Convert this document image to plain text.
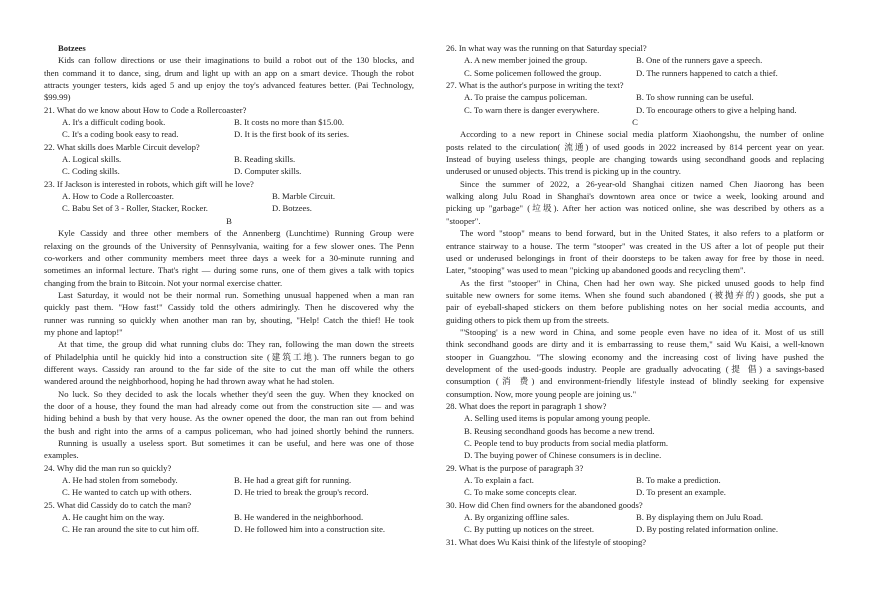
Botzees
Kids can follow directions or use their imaginations to build a robot out of the 130 blocks, and
then command it to dance, sing, drum and light up with an app on a smart device. Though the robot
attracts younger testers, kids aged 5 and up enjoy the toy's advanced features better. (Pai Technology,
$99.99)
21. What do we know about How to Code a Rollercoaster?
A. It's a difficult coding book.	B. It costs no more than $15.00.
C. It's a coding book easy to read.	D. It is the first book of its series.
22. What skills does Marble Circuit develop?
A. Logical skills.	B. Reading skills.
C. Coding skills.	D. Computer skills.
23. If Jackson is interested in robots, which gift will he love?
A. How to Code a Rollercoaster.	B. Marble Circuit.
C. Babu Set of 3 - Roller, Stacker, Rocker.	D. Botzees.
B
Kyle Cassidy and three other members of the Annenberg (Lunchtime) Running Group were
relaxing on the grounds of the University of Pennsylvania, waiting for a few slower ones. The Penn
co-workers and other community members meet three days a week for a 30-minute running and
sometimes an informal lecture. That's right — during some runs, one of them gives a talk with topics
changing from the brain to Bitcoin. Not your normal exercise chatter.
Last Saturday, it would not be their normal run. Something unusual happened when a man ran
quickly past them. "How fast!" Cassidy told the others admiringly. Then he discovered why the
runner was running so quickly when another man ran by, shouting, "Help! Catch the thief! He took
my phone and laptop!"
At that time, the group did what running clubs do: They ran, following the man down the streets
of Philadelphia until he quickly hid into a construction site (建筑工地). The runners began to go
different ways. Cassidy ran around to the far side of the site to cut the man off while the others
wandered around the neighborhood, hoping he had thrown away what he had stolen.
No luck. So they decided to ask the locals whether they'd seen the guy. When they knocked on
the door of a house, they found the man had already come out from the construction site — and was
hiding behind a bush by that very house. As the owner opened the door, the man ran out from behind
the bush and right into the arms of a campus policeman, who had joined shortly behind the runners.
Running is usually a useless sport. But sometimes it can be useful, and here was one of those
examples.
24. Why did the man run so quickly?
A. He had stolen from somebody.	B. He had a great gift for running.
C. He wanted to catch up with others.	D. He tried to break the group's record.
25. What did Cassidy do to catch the man?
A. He caught him on the way.	B. He wandered in the neighborhood.
C. He ran around the site to cut him off.	D. He followed him into a construction site.
26. In what way was the running on that Saturday special?
A. A new member joined the group.	B. One of the runners gave a speech.
C. Some policemen followed the group.	D. The runners happened to catch a thief.
27. What is the author's purpose in writing the text?
A. To praise the campus policeman.	B. To show running can be useful.
C. To warn there is danger everywhere.	D. To encourage others to give a helping hand.
C
According to a new report in Chinese social media platform Xiaohongshu, the number of online
posts related to the circulation( 流通) of used goods in 2022 increased by 814 percent year on year.
Instead of buying useless things, people are changing towards using secondhand goods and replacing
underused or unused objects. This trend is picking up in the country.
Since the summer of 2022, a 26-year-old Shanghai citizen named Chen Jiaorong has been
walking along Julu Road in Shanghai's downtown area once or twice a week, looking around and
picking up "garbage" (垃圾). After her action was noticed online, she was described by others as a
"stooper".
The word "stoop" means to bend forward, but in the United States, it also refers to a platform or
entrance stairway to a house. The term "stooper" was created in the US after a lot of people put their
used or underused belongings in front of their doorsteps to be taken away for free by those in need.
Later, "stooping" was used to mean "picking up abandoned goods and recycling them".
As the first "stooper" in China, Chen had her own way. She picked unused goods to help find
suitable new owners for some items. When she found such abandoned (被抛弃的) goods, she put a
pair of eyeball-shaped stickers on them before publishing notes on her social media accounts, and
guiding others to pick them up from the streets.
"'Stooping' is a new word in China, and some people even have no idea of it. Most of us still
think secondhand goods are dirty and it is embarrassing to reuse them," said Wu Kaisi, a well-known
stooper in Guangzhou. "The slowing economy and the increasing cost of living have pushed the
development of the used-goods industry. People are gradually advocating (提 倡) a savings-based
consumption (消 费) and environment-friendly lifestyle instead of blindly seeking for expensive
consumption. Now, more young people are joining us."
28. What does the report in paragraph 1 show?
A. Selling used items is popular among young people.
B. Reusing secondhand goods has become a new trend.
C. People tend to buy products from social media platform.
D. The buying power of Chinese consumers is in decline.
29. What is the purpose of paragraph 3?
A. To explain a fact.	B. To make a prediction.
C. To make some concepts clear.	D. To present an example.
30. How did Chen find owners for the abandoned goods?
A. By organizing offline sales.	B. By displaying them on Julu Road.
C. By putting up notices on the street.	D. By posting related information online.
31. What does Wu Kaisi think of the lifestyle of stooping?
